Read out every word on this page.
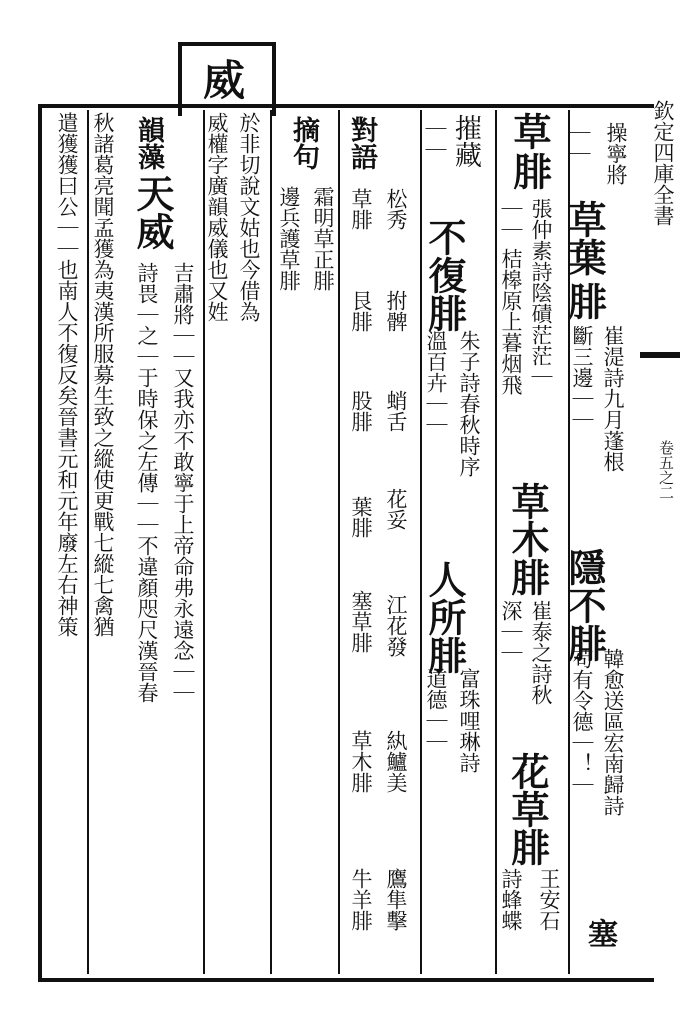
威
欽定四庫全書
卷五之二
操寧將
｜｜
草葉
腓
崔湜詩九月蓬根
斷三邊｜｜
隱不腓
韓愈送區宏南歸詩
苟有令德｜！｜
塞
草
腓
張仲素詩陰磧茫茫｜
｜｜
桔槔原上暮烟飛
草木腓
崔泰之詩秋
深｜｜
花草腓
王安石
詩蜂蝶
摧藏
｜｜
不復腓
朱子詩春秋時序
溫百卉｜｜
人所腓
富珠哩琳詩
道德｜｜
對語
松秀
拊髀
蛸舌
花妥
江花發
紈鱸美
鷹隼擊
草腓
艮腓
股腓
葉腓
塞草腓
草木腓
牛羊腓
摘句
霜明草正腓
邊兵護草腓
於非切說文姑也今借為
威權字廣韻威儀也又姓
韻藻
天威
吉肅將｜｜又我亦不敢寧于上帝命弗永遠念｜｜
詩畏｜之｜于時保之左傳｜｜不違顏咫尺漢晉春
秋諸葛亮聞孟獲為夷漢所服募生致之縱使更戰七縱七禽猶
遣獲獲曰公｜｜也南人不復反矣晉書元和元年廢左右神策
